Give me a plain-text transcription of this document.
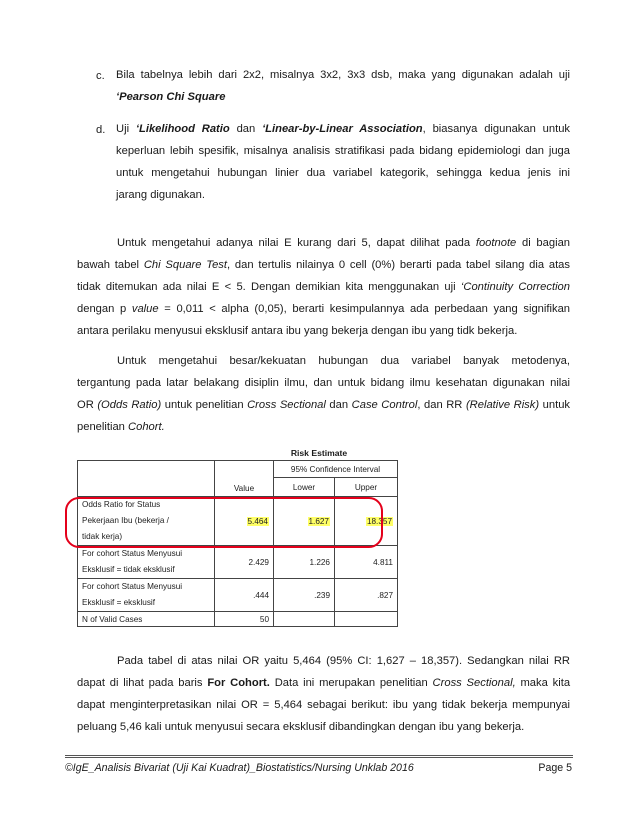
c. Bila tabelnya lebih dari 2x2, misalnya 3x2, 3x3 dsb, maka yang digunakan adalah uji
‘Pearson Chi Square
d. Uji ‘Likelihood Ratio dan ‘Linear-by-Linear Association, biasanya digunakan untuk
keperluan lebih spesifik, misalnya analisis stratifikasi pada bidang epidemiologi dan juga
untuk mengetahui hubungan linier dua variabel kategorik, sehingga kedua jenis ini
jarang digunakan.
Untuk mengetahui adanya nilai E kurang dari 5, dapat dilihat pada footnote di bagian
bawah tabel Chi Square Test, dan tertulis nilainya 0 cell (0%) berarti pada tabel silang dia atas
tidak ditemukan ada nilai E < 5. Dengan demikian kita menggunakan uji ‘Continuity Correction
dengan p value = 0,011 < alpha (0,05), berarti kesimpulannya ada perbedaan yang signifikan
antara perilaku menyusui eksklusif antara ibu yang bekerja dengan ibu yang tidk bekerja.
Untuk mengetahui besar/kekuatan hubungan dua variabel banyak metodenya,
tergantung pada latar belakang disiplin ilmu, dan untuk bidang ilmu kesehatan digunakan nilai
OR (Odds Ratio) untuk penelitian Cross Sectional dan Case Control, dan RR (Relative Risk) untuk
penelitian Cohort.
Risk Estimate

	Value	95% Confidence Interval	
		Lower	Upper

Odds Ratio for Status
Pekerjaan Ibu (bekerja /
tidak kerja)	5.464	1.627	18.357

For cohort Status Menyusui
Eksklusif = tidak eksklusif	2.429	1.226	4.811

For cohort Status Menyusui
Eksklusif = eksklusif	.444	.239	.827
N of Valid Cases	50		
Pada tabel di atas nilai OR yaitu 5,464 (95% CI: 1,627 – 18,357). Sedangkan nilai RR
dapat di lihat pada baris For Cohort. Data ini merupakan penelitian Cross Sectional, maka kita
dapat menginterpretasikan nilai OR = 5,464 sebagai berikut: ibu yang tidak bekerja mempunyai
peluang 5,46 kali untuk menyusui secara eksklusif dibandingkan dengan ibu yang bekerja.
©IgE_Analisis Bivariat (Uji Kai Kuadrat)_Biostatistics/Nursing Unklab 2016	Page 5
